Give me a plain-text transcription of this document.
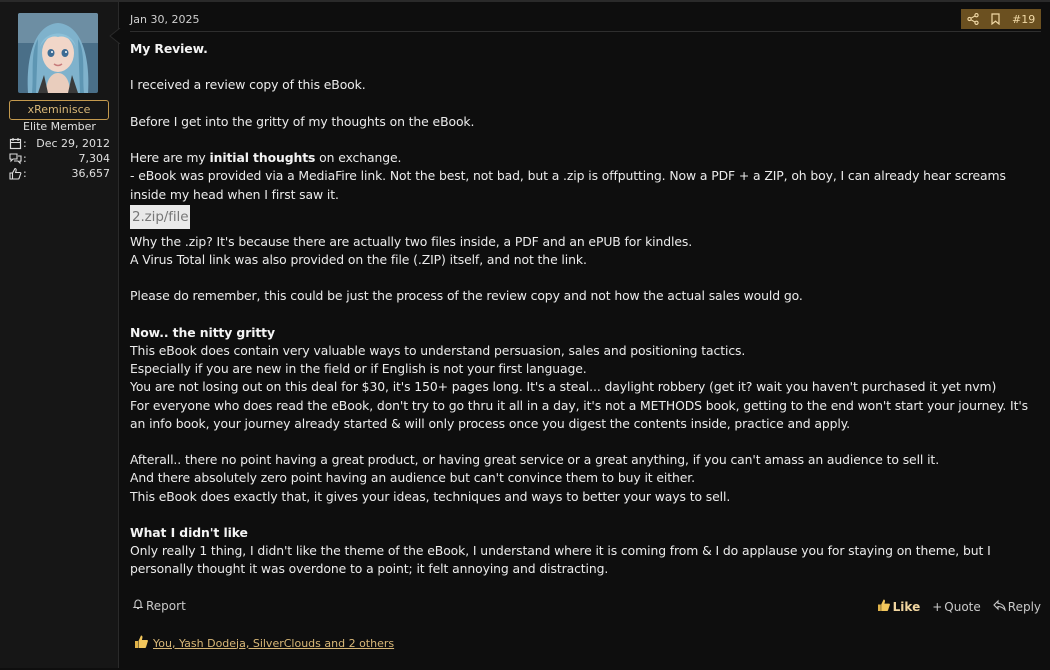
xReminisce
Elite Member
: Dec 29, 2012
:	7,304
:	36,657
Jan 30, 2025	#19

My Review.

I received a review copy of this eBook.

Before I get into the gritty of my thoughts on the eBook.

Here are my initial thoughts on exchange.

- eBook was provided via a MediaFire link. Not the best, not bad, but a .zip is offputting. Now a PDF + a ZIP, oh boy, I can already hear screams inside my head when I first saw it.

2.zip/file

Why the .zip? It's because there are actually two files inside, a PDF and an ePUB for kindles.

A Virus Total link was also provided on the file (.ZIP) itself, and not the link.

Please do remember, this could be just the process of the review copy and not how the actual sales would go.

Now.. the nitty gritty

This eBook does contain very valuable ways to understand persuasion, sales and positioning tactics.

Especially if you are new in the field or if English is not your first language.

You are not losing out on this deal for $30, it's 150+ pages long. It's a steal... daylight robbery (get it? wait you haven't purchased it yet nvm)

For everyone who does read the eBook, don't try to go thru it all in a day, it's not a METHODS book, getting to the end won't start your journey. It's an info book, your journey already started & will only process once you digest the contents inside, practice and apply.

Afterall.. there no point having a great product, or having great service or a great anything, if you can't amass an audience to sell it.

And there absolutely zero point having an audience but can't convince them to buy it either.

This eBook does exactly that, it gives your ideas, techniques and ways to better your ways to sell.

What I didn't like

Only really 1 thing, I didn't like the theme of the eBook, I understand where it is coming from & I do applause you for staying on theme, but I personally thought it was overdone to a point; it felt annoying and distracting.

Report	Like + Quote Reply
You, Yash Dodeja, SilverClouds and 2 others
